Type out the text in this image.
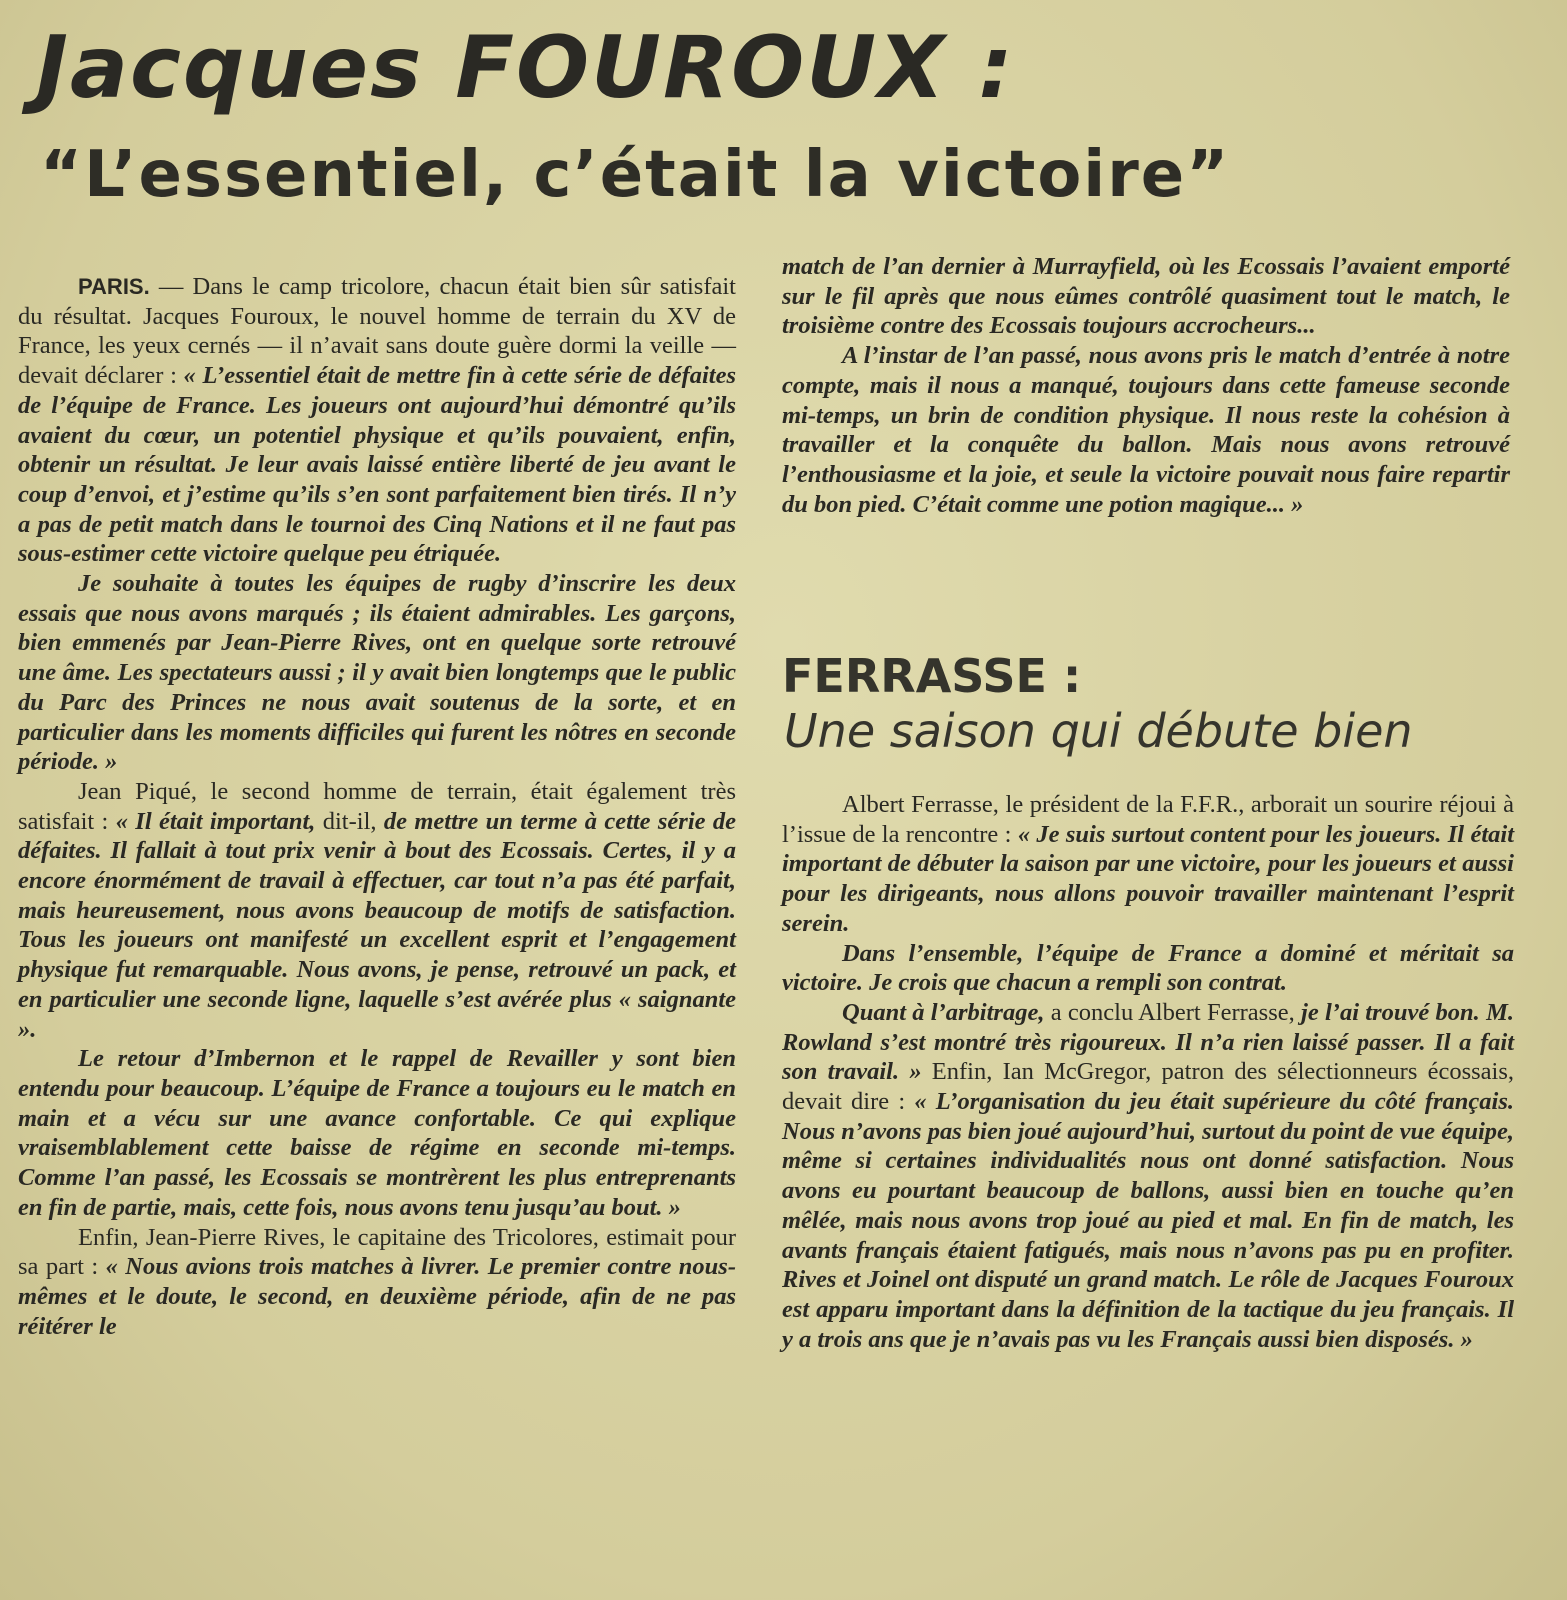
Jacques FOUROUX :
“L’essentiel, c’était la victoire”

PARIS. — Dans le camp tricolore, chacun était bien sûr satisfait du résultat. Jacques Fouroux, le nouvel homme de terrain du XV de France, les yeux cernés — il n’avait sans doute guère dormi la veille — devait déclarer : « L’essentiel était de mettre fin à cette série de défaites de l’équipe de France. Les joueurs ont aujourd’hui démontré qu’ils avaient du cœur, un potentiel physique et qu’ils pouvaient, enfin, obtenir un résultat. Je leur avais laissé entière liberté de jeu avant le coup d’envoi, et j’estime qu’ils s’en sont parfaitement bien tirés. Il n’y a pas de petit match dans le tournoi des Cinq Nations et il ne faut pas sous-estimer cette victoire quelque peu étriquée.

Je souhaite à toutes les équipes de rugby d’inscrire les deux essais que nous avons marqués ; ils étaient admirables. Les garçons, bien emmenés par Jean-Pierre Rives, ont en quelque sorte retrouvé une âme. Les spectateurs aussi ; il y avait bien longtemps que le public du Parc des Princes ne nous avait soutenus de la sorte, et en particulier dans les moments difficiles qui furent les nôtres en seconde période. »

Jean Piqué, le second homme de terrain, était également très satisfait : « Il était important, dit-il, de mettre un terme à cette série de défaites. Il fallait à tout prix venir à bout des Ecossais. Certes, il y a encore énormément de travail à effectuer, car tout n’a pas été parfait, mais heureusement, nous avons beaucoup de motifs de satisfaction. Tous les joueurs ont manifesté un excellent esprit et l’engagement physique fut remarquable. Nous avons, je pense, retrouvé un pack, et en particulier une seconde ligne, laquelle s’est avérée plus « saignante ».

Le retour d’Imbernon et le rappel de Revailler y sont bien entendu pour beaucoup. L’équipe de France a toujours eu le match en main et a vécu sur une avance confortable. Ce qui explique vraisemblablement cette baisse de régime en seconde mi-temps. Comme l’an passé, les Ecossais se montrèrent les plus entreprenants en fin de partie, mais, cette fois, nous avons tenu jusqu’au bout. »

Enfin, Jean-Pierre Rives, le capitaine des Tricolores, estimait pour sa part : « Nous avions trois matches à livrer. Le premier contre nous-mêmes et le doute, le second, en deuxième période, afin de ne pas réitérer le

match de l’an dernier à Murrayfield, où les Ecossais l’avaient emporté sur le fil après que nous eûmes contrôlé quasiment tout le match, le troisième contre des Ecossais toujours accrocheurs...

A l’instar de l’an passé, nous avons pris le match d’entrée à notre compte, mais il nous a manqué, toujours dans cette fameuse seconde mi-temps, un brin de condition physique. Il nous reste la cohésion à travailler et la conquête du ballon. Mais nous avons retrouvé l’enthousiasme et la joie, et seule la victoire pouvait nous faire repartir du bon pied. C’était comme une potion magique... »

FERRASSE :
Une saison qui débute bien

Albert Ferrasse, le président de la F.F.R., arborait un sourire réjoui à l’issue de la rencontre : « Je suis surtout content pour les joueurs. Il était important de débuter la saison par une victoire, pour les joueurs et aussi pour les dirigeants, nous allons pouvoir travailler maintenant l’esprit serein.

Dans l’ensemble, l’équipe de France a dominé et méritait sa victoire. Je crois que chacun a rempli son contrat.

Quant à l’arbitrage, a conclu Albert Ferrasse, je l’ai trouvé bon. M. Rowland s’est montré très rigoureux. Il n’a rien laissé passer. Il a fait son travail. » Enfin, Ian McGregor, patron des sélectionneurs écossais, devait dire : « L’organisation du jeu était supérieure du côté français. Nous n’avons pas bien joué aujourd’hui, surtout du point de vue équipe, même si certaines individualités nous ont donné satisfaction. Nous avons eu pourtant beaucoup de ballons, aussi bien en touche qu’en mêlée, mais nous avons trop joué au pied et mal. En fin de match, les avants français étaient fatigués, mais nous n’avons pas pu en profiter. Rives et Joinel ont disputé un grand match. Le rôle de Jacques Fouroux est apparu important dans la définition de la tactique du jeu français. Il y a trois ans que je n’avais pas vu les Français aussi bien disposés. »
